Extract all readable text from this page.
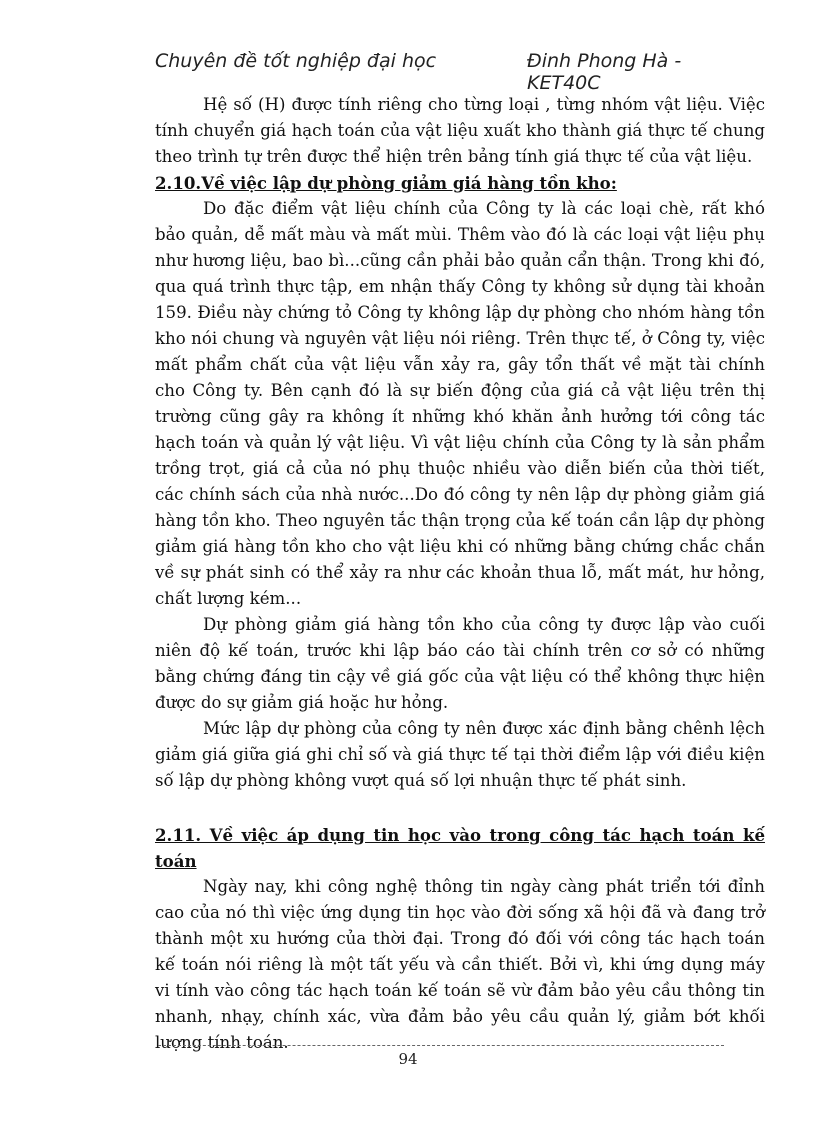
Chuyên đề tốt nghiệp đại học	Đinh Phong Hà - KET40C

Hệ số (H) được tính riêng cho từng loại , từng nhóm vật liệu. Việc tính chuyển giá hạch toán của vật liệu xuất kho thành giá thực tế chung theo trình tự trên được thể hiện trên bảng tính giá thực tế của vật liệu.

2.10.Về việc lập dự phòng giảm giá hàng tồn kho:

Do đặc điểm vật liệu chính của Công ty là các loại chè, rất khó bảo quản, dễ mất màu và mất mùi. Thêm vào đó là các loại vật liệu phụ như hương liệu, bao bì...cũng cần phải bảo quản cẩn thận. Trong khi đó, qua quá trình thực tập, em nhận thấy Công ty không sử dụng tài khoản 159. Điều này chứng tỏ Công ty không lập dự phòng cho nhóm hàng tồn kho nói chung và nguyên vật liệu nói riêng. Trên thực tế, ở Công ty, việc mất phẩm chất của vật liệu vẫn xảy ra, gây tổn thất về mặt tài chính cho Công ty. Bên cạnh đó là sự biến động của giá cả vật liệu trên thị trường cũng gây ra không ít những khó khăn ảnh hưởng tới công tác hạch toán và quản lý vật liệu. Vì vật liệu chính của Công ty là sản phẩm trồng trọt, giá cả của nó phụ thuộc nhiều vào diễn biến của thời tiết, các chính sách của nhà nước...Do đó công ty nên lập dự phòng giảm giá hàng tồn kho. Theo nguyên tắc thận trọng của kế toán cần lập dự phòng giảm giá hàng tồn kho cho vật liệu khi có những bằng chứng chắc chắn về sự phát sinh có thể xảy ra như các khoản thua lỗ, mất mát, hư hỏng, chất lượng kém...

Dự phòng giảm giá hàng tồn kho của công ty được lập vào cuối niên độ kế toán, trước khi lập báo cáo tài chính trên cơ sở có những bằng chứng đáng tin cậy về giá gốc của vật liệu có thể không thực hiện được do sự giảm giá hoặc hư hỏng.

Mức lập dự phòng của công ty nên được xác định bằng chênh lệch giảm giá giữa giá ghi chỉ số và giá thực tế tại thời điểm lập với điều kiện số lập dự phòng không vượt quá số lợi nhuận thực tế phát sinh.

2.11. Về việc áp dụng tin học vào trong công tác hạch toán kế toán

Ngày nay, khi công nghệ thông tin ngày càng phát triển tới đỉnh cao của nó thì việc ứng dụng tin học vào đời sống xã hội đã và đang trở thành một xu hướng của thời đại. Trong đó đối với công tác hạch toán kế toán nói riêng là một tất yếu và cần thiết. Bởi vì, khi ứng dụng máy vi tính vào công tác hạch toán kế toán sẽ vừ đảm bảo yêu cầu thông tin nhanh, nhạy, chính xác, vừa đảm bảo yêu cầu quản lý, giảm bớt khối lượng tính toán.

94
